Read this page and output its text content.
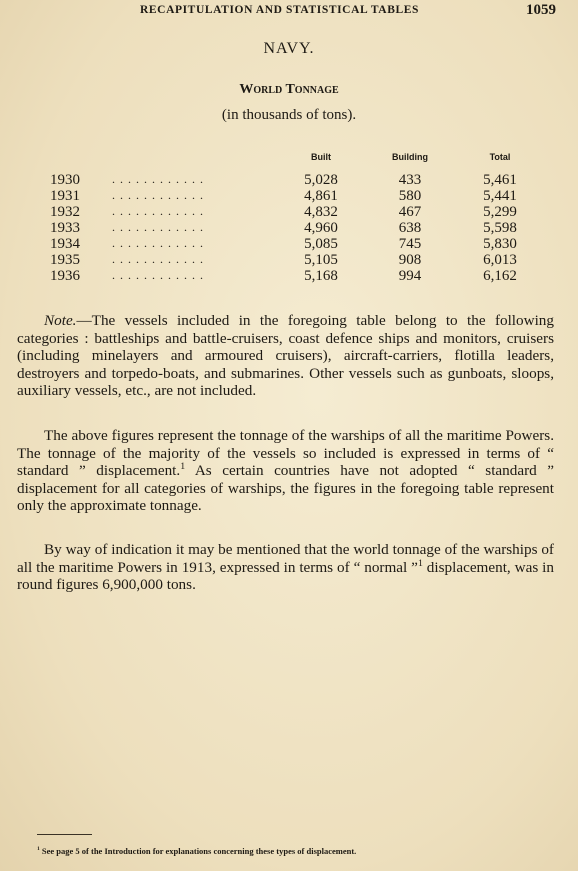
RECAPITULATION AND STATISTICAL TABLES	1059
NAVY.
World Tonnage
(in thousands of tons).
Built	Building	Total
1930	. . . . . . . . . . . .	5,028	433	5,461
1931	. . . . . . . . . . . .	4,861	580	5,441
1932	. . . . . . . . . . . .	4,832	467	5,299
1933	. . . . . . . . . . . .	4,960	638	5,598
1934	. . . . . . . . . . . .	5,085	745	5,830
1935	. . . . . . . . . . . .	5,105	908	6,013
1936	. . . . . . . . . . . .	5,168	994	6,162

Note.—The vessels included in the foregoing table belong to the following categories : battleships and battle-cruisers, coast defence ships and monitors, cruisers (including minelayers and armoured cruisers), aircraft-carriers, flotilla leaders, destroyers and torpedo-boats, and submarines. Other vessels such as gunboats, sloops, auxiliary vessels, etc., are not included.

The above figures represent the tonnage of the warships of all the maritime Powers. The tonnage of the majority of the vessels so included is expressed in terms of “ standard ” displacement.$^1$ As certain countries have not adopted “ standard ” displacement for all categories of warships, the figures in the foregoing table represent only the approximate tonnage.

By way of indication it may be mentioned that the world tonnage of the warships of all the maritime Powers in 1913, expressed in terms of “ normal ”$^1$ displacement, was in round figures 6,900,000 tons.

$^1$ See page 5 of the Introduction for explanations concerning these types of displacement.
